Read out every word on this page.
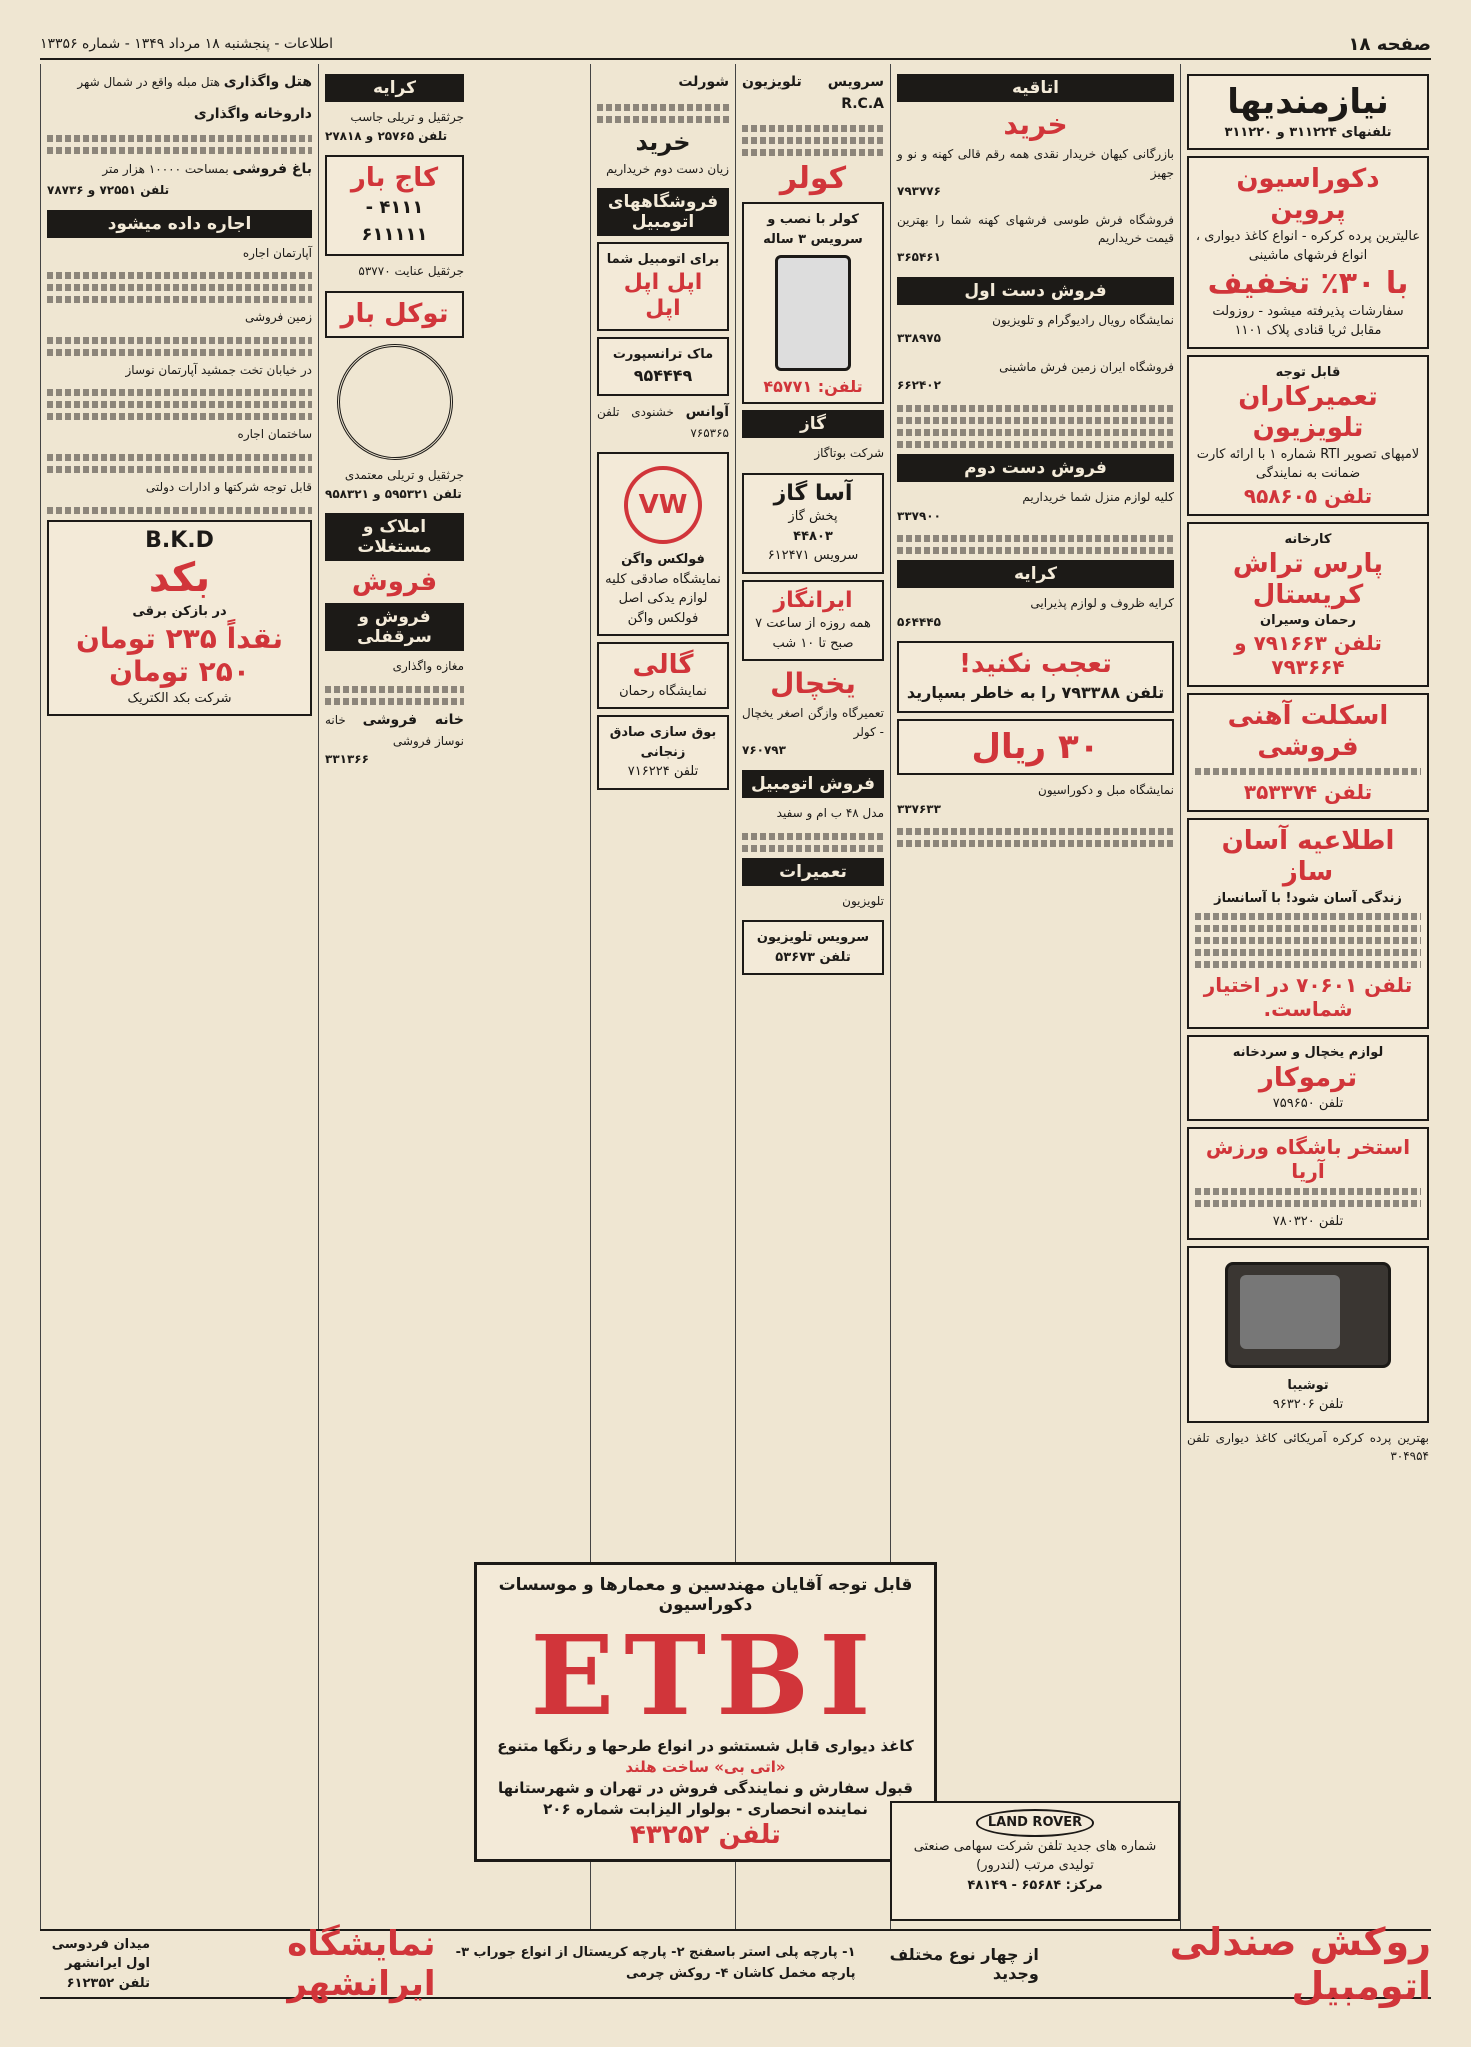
صفحه ۱۸
اطلاعات - پنجشنبه ۱۸ مرداد ۱۳۴۹ - شماره ۱۳۳۵۶
نیازمندیها
تلفنهای ۳۱۱۲۲۴ و ۳۱۱۲۲۰
دکوراسیون پروین
عالیترین پرده کرکره - انواع کاغذ دیواری ، انواع فرشهای ماشینی
با ۳۰٪ تخفیف
سفارشات پذیرفته میشود - روزولت مقابل ثریا قنادی پلاک ۱۱۰۱
قابل توجه
تعمیرکاران تلویزیون
لامپهای تصویر RTI شماره ۱ با ارائه کارت ضمانت به نمایندگی
تلفن ۹۵۸۶۰۵
کارخانه
پارس تراش کریستال
رحمان وسیران
تلفن ۷۹۱۶۶۳ و ۷۹۳۶۶۴
اسکلت آهنی فروشی
تلفن ۳۵۳۳۷۴
اطلاعیه آسان ساز
زندگی آسان شود! با آسانساز
تلفن ۷۰۶۰۱ در اختیار شماست.
لوازم یخچال و سردخانه
ترموکار
تلفن ۷۵۹۶۵۰
استخر باشگاه ورزش آریا
تلفن ۷۸۰۳۲۰
توشیبا
تلفن ۹۶۳۲۰۶
بهترین پرده کرکره آمریکائی کاغذ دیواری تلفن ۳۰۴۹۵۴
اتاقیه
خرید
بازرگانی کیهان خریدار نقدی همه رقم قالی کهنه و نو و جهیز
۷۹۳۷۷۶
فروشگاه فرش طوسی فرشهای کهنه شما را بهترین قیمت خریداریم
۳۶۵۴۶۱
فروش دست اول
نمایشگاه رویال رادیوگرام و تلویزیون
۳۳۸۹۷۵
فروشگاه ایران زمین فرش ماشینی
۶۶۲۴۰۲
فروش دست دوم
کلیه لوازم منزل شما خریداریم
۳۳۷۹۰۰
کرایه
کرایه ظروف و لوازم پذیرایی
۵۶۴۴۴۵
تعجب نکنید!
تلفن ۷۹۳۳۸۸ را به خاطر بسپارید
۳۰ ریال
نمایشگاه مبل و دکوراسیون
۳۳۷۶۳۳
سرویس تلویزیون R.C.A
کولر
کولر با نصب و سرویس ۳ ساله
تلفن: ۴۵۷۷۱
گاز
شرکت بوتاگاز
آسا گاز
پخش گاز
۴۴۸۰۳
سرویس ۶۱۲۴۷۱
ایرانگاز
همه روزه از ساعت ۷ صبح تا ۱۰ شب
یخچال
تعمیرگاه وازگن اصغر یخچال - کولر
۷۶۰۷۹۳
فروش اتومبیل
مدل ۴۸ ب ام و سفید
تعمیرات
تلویزیون
سرویس تلویزیون
تلفن ۵۳۶۷۳
شورلت
خرید
زیان دست دوم خریداریم
فروشگاههای اتومبیل
برای اتومبیل شما
اپل اپل اپل
ماک ترانسپورت
۹۵۴۴۴۹
آوانس خشنودی تلفن ۷۶۵۳۶۵
VW
فولکس واگن
نمایشگاه صادقی کلیه لوازم یدکی اصل فولکس واگن
گالی
نمایشگاه رحمان
بوق سازی صادق زنجانی
تلفن ۷۱۶۲۲۴
کرایه
جرثقیل و تریلی جاسب
تلفن ۲۵۷۶۵ و ۲۷۸۱۸
کاج بار
۴۱۱۱ - ۶۱۱۱۱۱
جرثقیل عنایت ۵۳۷۷۰
توکل بار
جرثقیل و تریلی معتمدی
تلفن ۵۹۵۳۲۱ و ۹۵۸۳۲۱
املاک و مستغلات
فروش
فروش و سرقفلی
مغازه واگذاری
خانه فروشی خانه نوساز فروشی
۳۳۱۳۶۶
هتل واگذاری هتل مبله واقع در شمال شهر
داروخانه واگذاری
باغ فروشی بمساحت ۱۰۰۰۰ هزار متر
تلفن ۷۲۵۵۱ و ۷۸۷۳۶
اجاره داده میشود
آپارتمان اجاره
زمین فروشی
در خیابان تخت جمشید آپارتمان نوساز
ساختمان اجاره
قابل توجه شرکتها و ادارات دولتی
B.K.D
بکد
در بازکن برقی
نقداً ۲۳۵ تومان
۲۵۰ تومان
شرکت بکد الکتریک
قابل توجه آقایان مهندسین و معمارها و موسسات دکوراسیون
ETBI
کاغذ دیواری قابل شستشو در انواع طرحها و رنگها متنوع
«اتی بی» ساخت هلند
قبول سفارش و نمایندگی فروش در تهران و شهرستانها
نماینده انحصاری - بولوار الیزابت شماره ۲۰۶
تلفن ۴۳۲۵۲	LAND ROVER
شماره های جدید تلفن شرکت سهامی صنعتی تولیدی مرتب (لندرور)
مرکز: ۶۵۶۸۴ - ۴۸۱۴۹
روکش صندلی اتومبیل
از چهار نوع مختلف وجدید
۱- پارچه پلی استر باسفنج ۲- پارچه کریستال از انواع جوراب ۳- پارچه مخمل کاشان ۴- روکش چرمی
نمایشگاه ایرانشهر
میدان فردوسی اول ایرانشهر تلفن ۶۱۲۳۵۲
